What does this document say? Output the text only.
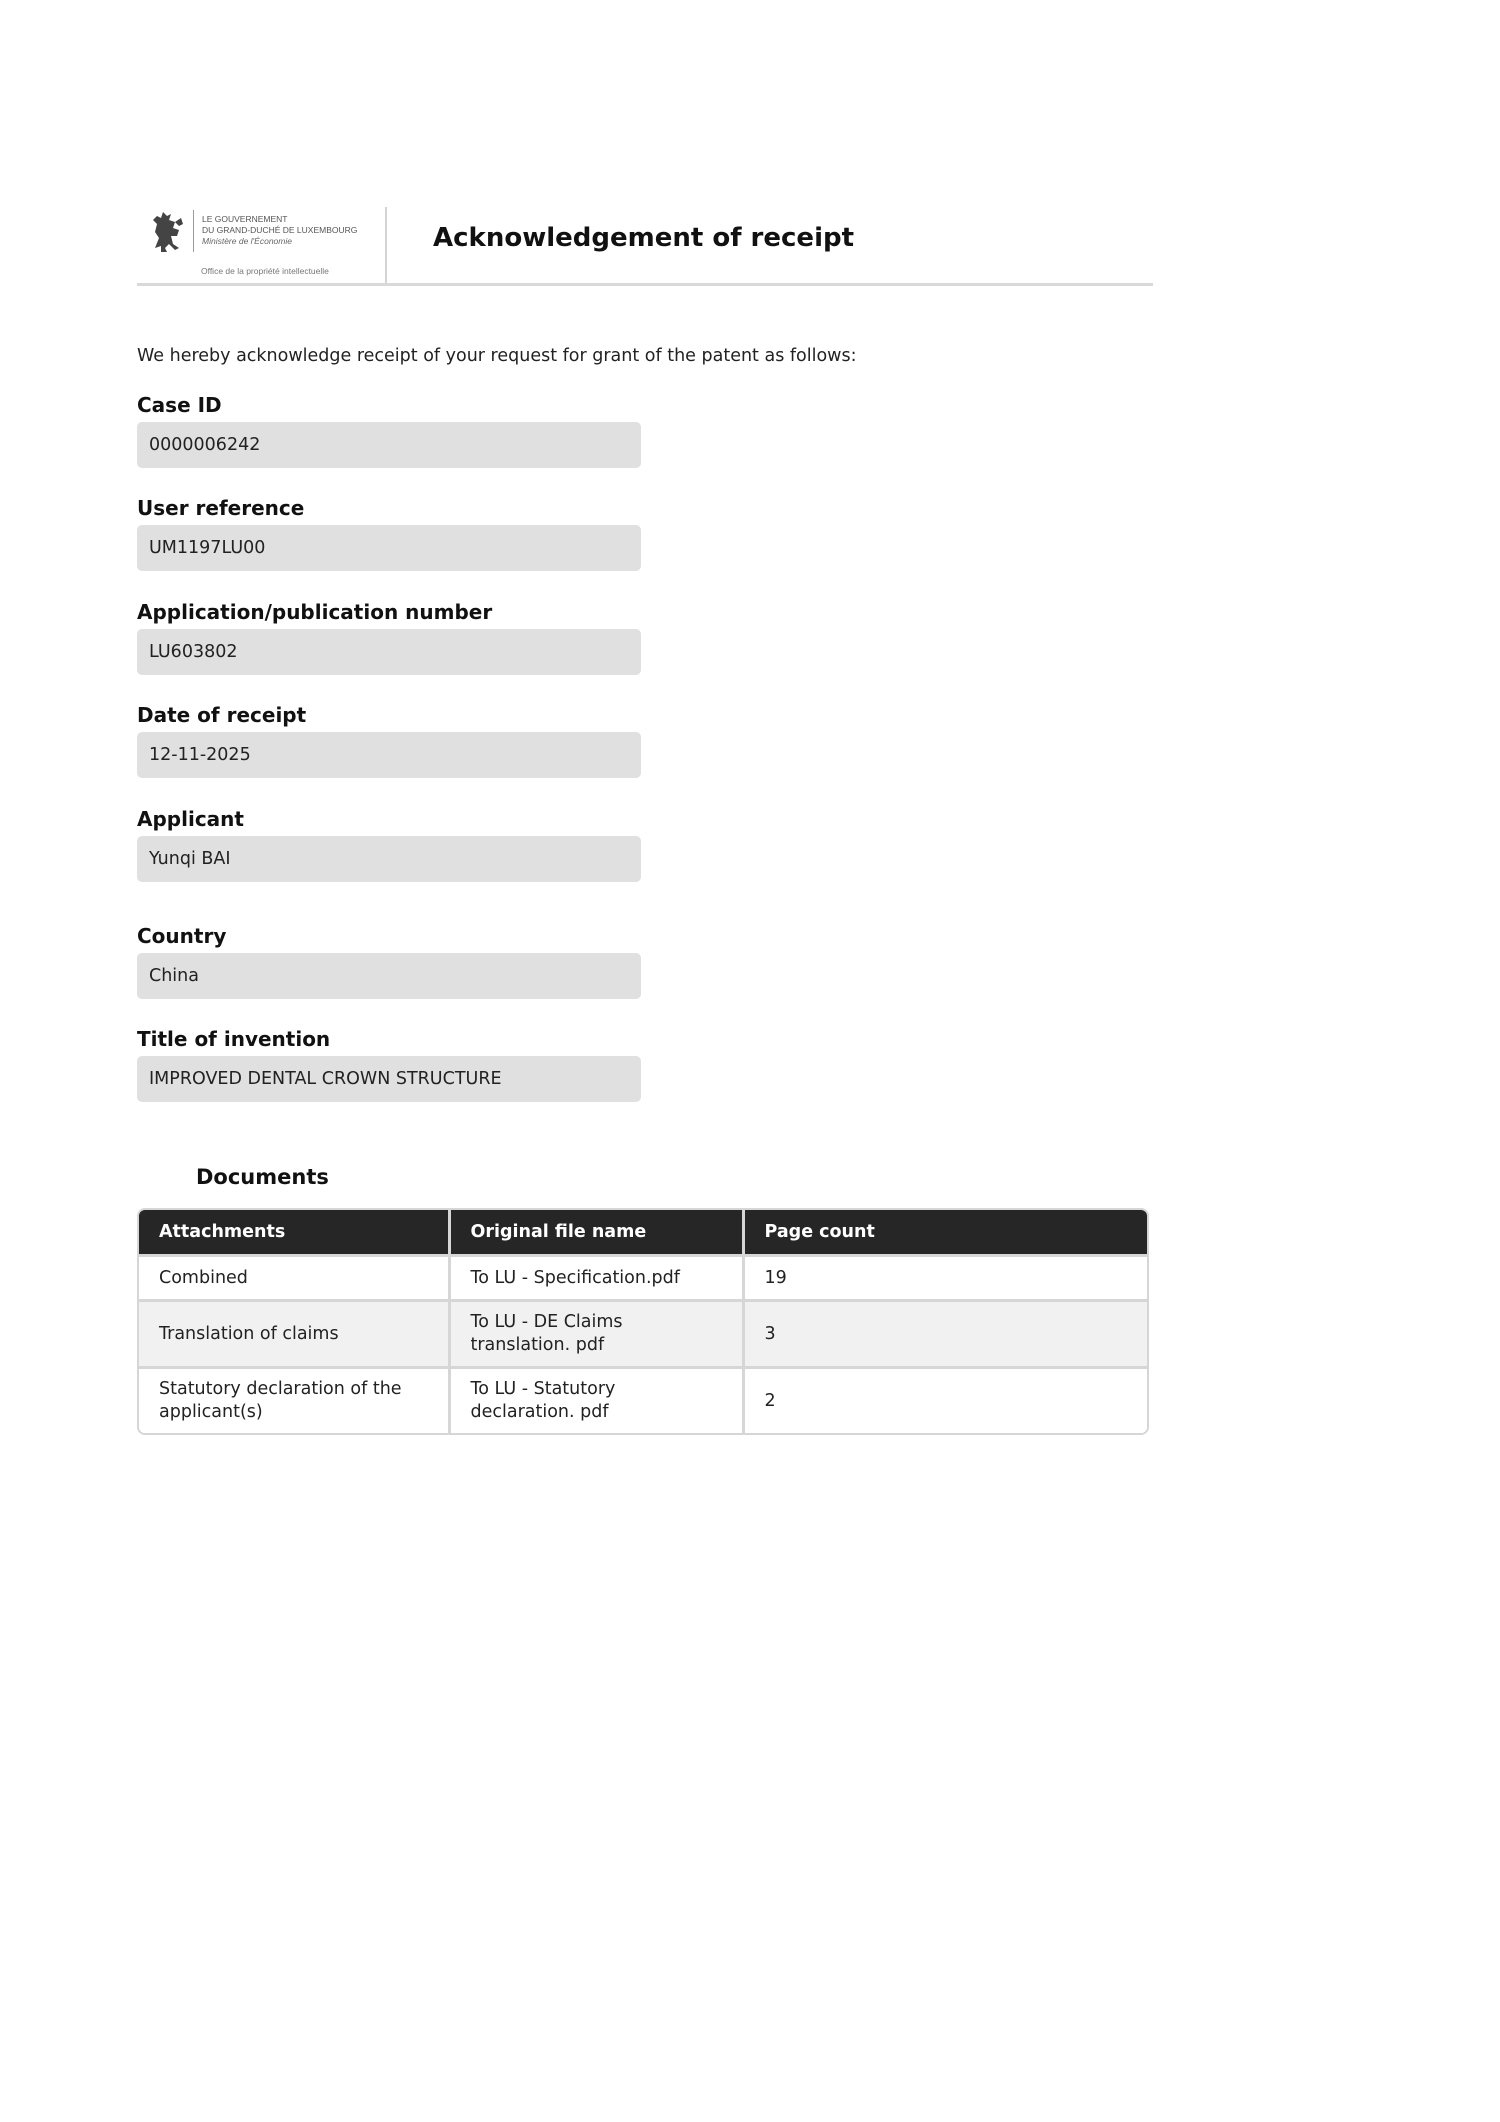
LE GOUVERNEMENT
DU GRAND-DUCHÉ DE LUXEMBOURG
Ministère de l'Économie
Office de la propriété intellectuelle
Acknowledgement of receipt
We hereby acknowledge receipt of your request for grant of the patent as follows:
Case ID
0000006242
User reference
UM1197LU00
Application/publication number
LU603802
Date of receipt
12-11-2025
Applicant
Yunqi BAI
Country
China
Title of invention
IMPROVED DENTAL CROWN STRUCTURE
Documents
Attachments	Original file name	Page count
Combined	To LU - Specification.pdf	19
Translation of claims	To LU - DE Claims translation. pdf	3
Statutory declaration of the applicant(s)	To LU - Statutory declaration. pdf	2
